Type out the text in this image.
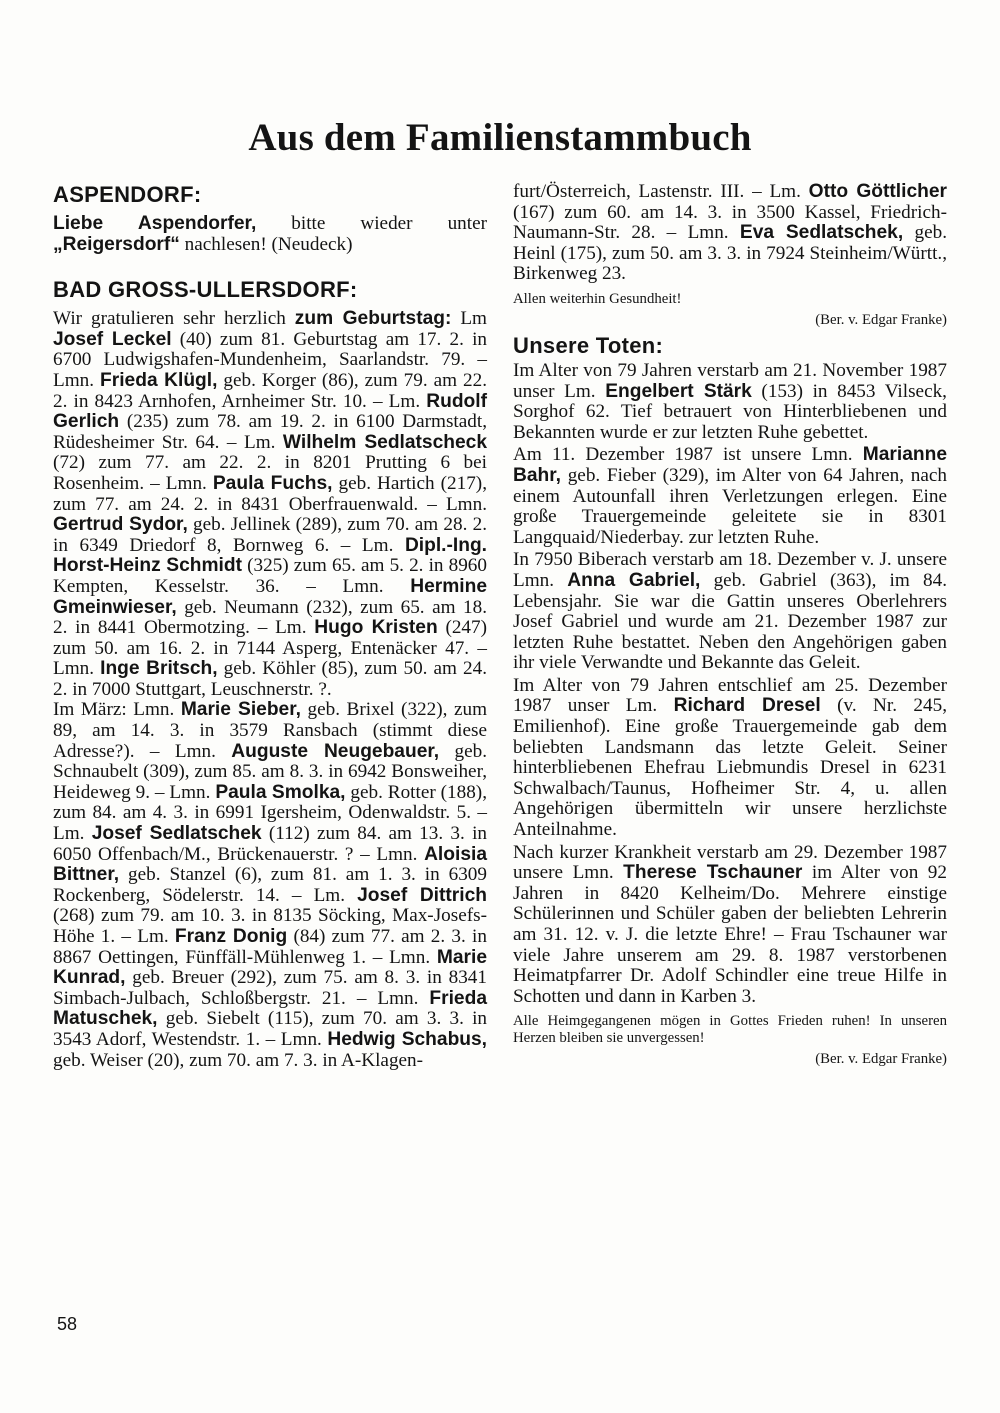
Aus dem Familienstammbuch
ASPENDORF:

Liebe Aspendorfer, bitte wieder unter „Reigersdorf“ nachlesen! (Neudeck)

BAD GROSS-ULLERSDORF:

Wir gratulieren sehr herzlich zum Geburtstag: Lm Josef Leckel (40) zum 81. Geburtstag am 17. 2. in 6700 Ludwigshafen-Mundenheim, Saarlandstr. 79. – Lmn. Frieda Klügl, geb. Korger (86), zum 79. am 22. 2. in 8423 Arnhofen, Arnheimer Str. 10. – Lm. Rudolf Gerlich (235) zum 78. am 19. 2. in 6100 Darmstadt, Rüdesheimer Str. 64. – Lm. Wilhelm Sedlatscheck (72) zum 77. am 22. 2. in 8201 Prutting 6 bei Rosenheim. – Lmn. Paula Fuchs, geb. Hartich (217), zum 77. am 24. 2. in 8431 Oberfrauenwald. – Lmn. Gertrud Sydor, geb. Jellinek (289), zum 70. am 28. 2. in 6349 Driedorf 8, Bornweg 6. – Lm. Dipl.-Ing. Horst-Heinz Schmidt (325) zum 65. am 5. 2. in 8960 Kempten, Kesselstr. 36. – Lmn. Hermine Gmeinwieser, geb. Neumann (232), zum 65. am 18. 2. in 8441 Obermotzing. – Lm. Hugo Kristen (247) zum 50. am 16. 2. in 7144 Asperg, Entenäcker 47. – Lmn. Inge Britsch, geb. Köhler (85), zum 50. am 24. 2. in 7000 Stuttgart, Leuschnerstr. ?.

Im März: Lmn. Marie Sieber, geb. Brixel (322), zum 89, am 14. 3. in 3579 Ransbach (stimmt diese Adresse?). – Lmn. Auguste Neugebauer, geb. Schnaubelt (309), zum 85. am 8. 3. in 6942 Bonsweiher, Heideweg 9. – Lmn. Paula Smolka, geb. Rotter (188), zum 84. am 4. 3. in 6991 Igersheim, Odenwaldstr. 5. – Lm. Josef Sedlatschek (112) zum 84. am 13. 3. in 6050 Offenbach/M., Brückenauerstr. ? – Lmn. Aloisia Bittner, geb. Stanzel (6), zum 81. am 1. 3. in 6309 Rockenberg, Södelerstr. 14. – Lm. Josef Dittrich (268) zum 79. am 10. 3. in 8135 Söcking, Max-Josefs-Höhe 1. – Lm. Franz Donig (84) zum 77. am 2. 3. in 8867 Oettingen, Fünffäll-Mühlenweg 1. – Lmn. Marie Kunrad, geb. Breuer (292), zum 75. am 8. 3. in 8341 Simbach-Julbach, Schloßbergstr. 21. – Lmn. Frieda Matuschek, geb. Siebelt (115), zum 70. am 3. 3. in 3543 Adorf, Westendstr. 1. – Lmn. Hedwig Schabus, geb. Weiser (20), zum 70. am 7. 3. in A-Klagen-

furt/Österreich, Lastenstr. III. – Lm. Otto Göttlicher (167) zum 60. am 14. 3. in 3500 Kassel, Friedrich-Naumann-Str. 28. – Lmn. Eva Sedlatschek, geb. Heinl (175), zum 50. am 3. 3. in 7924 Steinheim/Württ., Birkenweg 23.

Allen weiterhin Gesundheit!

(Ber. v. Edgar Franke)

Unsere Toten:

Im Alter von 79 Jahren verstarb am 21. November 1987 unser Lm. Engelbert Stärk (153) in 8453 Vilseck, Sorghof 62. Tief betrauert von Hinterbliebenen und Bekannten wurde er zur letzten Ruhe gebettet.

Am 11. Dezember 1987 ist unsere Lmn. Marianne Bahr, geb. Fieber (329), im Alter von 64 Jahren, nach einem Autounfall ihren Verletzungen erlegen. Eine große Trauergemeinde geleitete sie in 8301 Langquaid/Niederbay. zur letzten Ruhe.

In 7950 Biberach verstarb am 18. Dezember v. J. unsere Lmn. Anna Gabriel, geb. Gabriel (363), im 84. Lebensjahr. Sie war die Gattin unseres Oberlehrers Josef Gabriel und wurde am 21. Dezember 1987 zur letzten Ruhe bestattet. Neben den Angehörigen gaben ihr viele Verwandte und Bekannte das Geleit.

Im Alter von 79 Jahren entschlief am 25. Dezember 1987 unser Lm. Richard Dresel (v. Nr. 245, Emilienhof). Eine große Trauergemeinde gab dem beliebten Landsmann das letzte Geleit. Seiner hinterbliebenen Ehefrau Liebmundis Dresel in 6231 Schwalbach/Taunus, Hofheimer Str. 4, u. allen Angehörigen übermitteln wir unsere herzlichste Anteilnahme.

Nach kurzer Krankheit verstarb am 29. Dezember 1987 unsere Lmn. Therese Tschauner im Alter von 92 Jahren in 8420 Kelheim/Do. Mehrere einstige Schülerinnen und Schüler gaben der beliebten Lehrerin am 31. 12. v. J. die letzte Ehre! – Frau Tschauner war viele Jahre unserem am 29. 8. 1987 verstorbenen Heimatpfarrer Dr. Adolf Schindler eine treue Hilfe in Schotten und dann in Karben 3.

Alle Heimgegangenen mögen in Gottes Frieden ruhen! In unseren Herzen bleiben sie unvergessen!

(Ber. v. Edgar Franke)

58
